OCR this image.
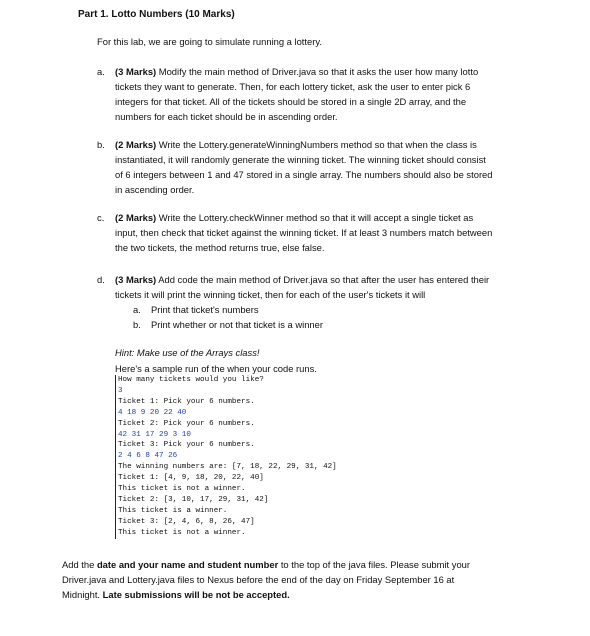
Part 1. Lotto Numbers (10 Marks)
For this lab, we are going to simulate running a lottery.
a.	(3 Marks) Modify the main method of Driver.java so that it asks the user how many lotto
tickets they want to generate. Then, for each lottery ticket, ask the user to enter pick 6
integers for that ticket. All of the tickets should be stored in a single 2D array, and the
numbers for each ticket should be in ascending order.
b.	(2 Marks) Write the Lottery.generateWinningNumbers method so that when the class is
instantiated, it will randomly generate the winning ticket. The winning ticket should consist
of 6 integers between 1 and 47 stored in a single array. The numbers should also be stored
in ascending order.
c.	(2 Marks) Write the Lottery.checkWinner method so that it will accept a single ticket as
input, then check that ticket against the winning ticket. If at least 3 numbers match between
the two tickets, the method returns true, else false.
d.	(3 Marks) Add code the main method of Driver.java so that after the user has entered their
tickets it will print the winning ticket, then for each of the user's tickets it will
a. Print that ticket's numbers
b. Print whether or not that ticket is a winner
Hint: Make use of the Arrays class!
Here's a sample run of the when your code runs.
How many tickets would you like?
3
Ticket 1: Pick your 6 numbers.
4 18 9 20 22 40
Ticket 2: Pick your 6 numbers.
42 31 17 29 3 10
Ticket 3: Pick your 6 numbers.
2 4 6 8 47 26
The winning numbers are: [7, 18, 22, 29, 31, 42]
Ticket 1: [4, 9, 18, 20, 22, 40]
This ticket is not a winner.
Ticket 2: [3, 10, 17, 29, 31, 42]
This ticket is a winner.
Ticket 3: [2, 4, 6, 8, 26, 47]
This ticket is not a winner.
Add the date and your name and student number to the top of the java files. Please submit your
Driver.java and Lottery.java files to Nexus before the end of the day on Friday September 16 at
Midnight. Late submissions will be not be accepted.
